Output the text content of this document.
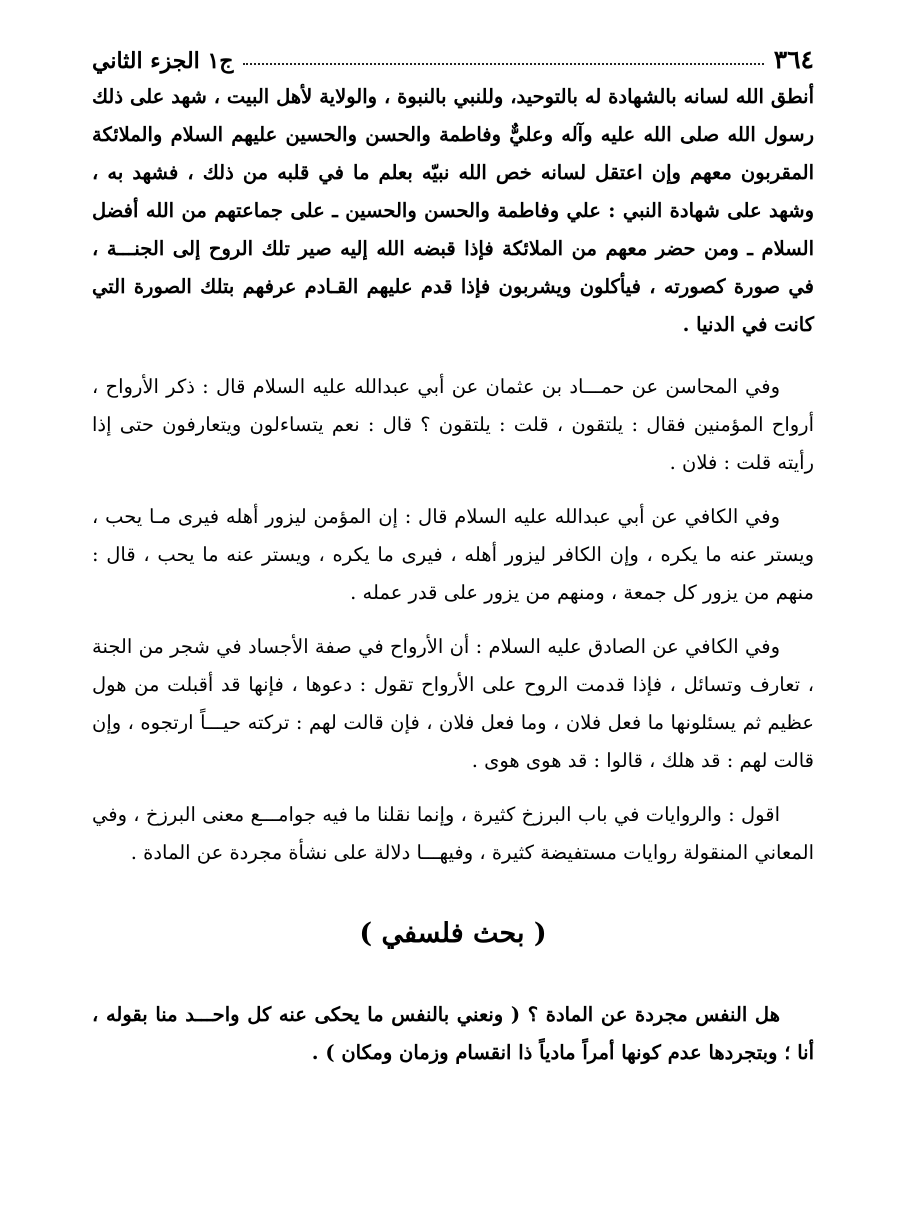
٣٦٤
ج١ الجزء الثاني

أنطق الله لسانه بالشهادة له بالتوحيد، وللنبي بالنبوة ، والولاية لأهل البيت ، شهد على ذلك رسول الله صلى الله عليه وآله وعليٌّ وفاطمة والحسن والحسين عليهم السلام والملائكة المقربون معهم وإن اعتقل لسانه خص الله نبيّه بعلم ما في قلبه من ذلك ، فشهد به ، وشهد على شهادة النبي : علي وفاطمة والحسن والحسين ـ على جماعتهم من الله أفضل السلام ـ ومن حضر معهم من الملائكة فإذا قبضه الله إليه صير تلك الروح إلى الجنـــة ، في صورة كصورته ، فيأكلون ويشربون فإذا قدم عليهم القـادم عرفهم بتلك الصورة التي كانت في الدنيا .

وفي المحاسن عن حمـــاد بن عثمان عن أبي عبدالله عليه السلام قال : ذكر الأرواح ، أرواح المؤمنين فقال : يلتقون ، قلت : يلتقون ؟ قال : نعم يتساءلون ويتعارفون حتى إذا رأيته قلت : فلان .

وفي الكافي عن أبي عبدالله عليه السلام قال : إن المؤمن ليزور أهله فيرى مـا يحب ، ويستر عنه ما يكره ، وإن الكافر ليزور أهله ، فيرى ما يكره ، ويستر عنه ما يحب ، قال : منهم من يزور كل جمعة ، ومنهم من يزور على قدر عمله .

وفي الكافي عن الصادق عليه السلام : أن الأرواح في صفة الأجساد في شجر من الجنة ، تعارف وتسائل ، فإذا قدمت الروح على الأرواح تقول : دعوها ، فإنها قد أقبلت من هول عظيم ثم يسئلونها ما فعل فلان ، وما فعل فلان ، فإن قالت لهم : تركته حيـــاً ارتجوه ، وإن قالت لهم : قد هلك ، قالوا : قد هوى هوى .

اقول : والروايات في باب البرزخ كثيرة ، وإنما نقلنا ما فيه جوامـــع معنى البرزخ ، وفي المعاني المنقولة روايات مستفيضة كثيرة ، وفيهـــا دلالة على نشأة مجردة عن المادة .

( بحث فلسفي )

هل النفس مجردة عن المادة ؟ ( ونعني بالنفس ما يحكى عنه كل واحـــد منا بقوله ، أنا ؛ وبتجردها عدم كونها أمراً مادياً ذا انقسام وزمان ومكان ) .
